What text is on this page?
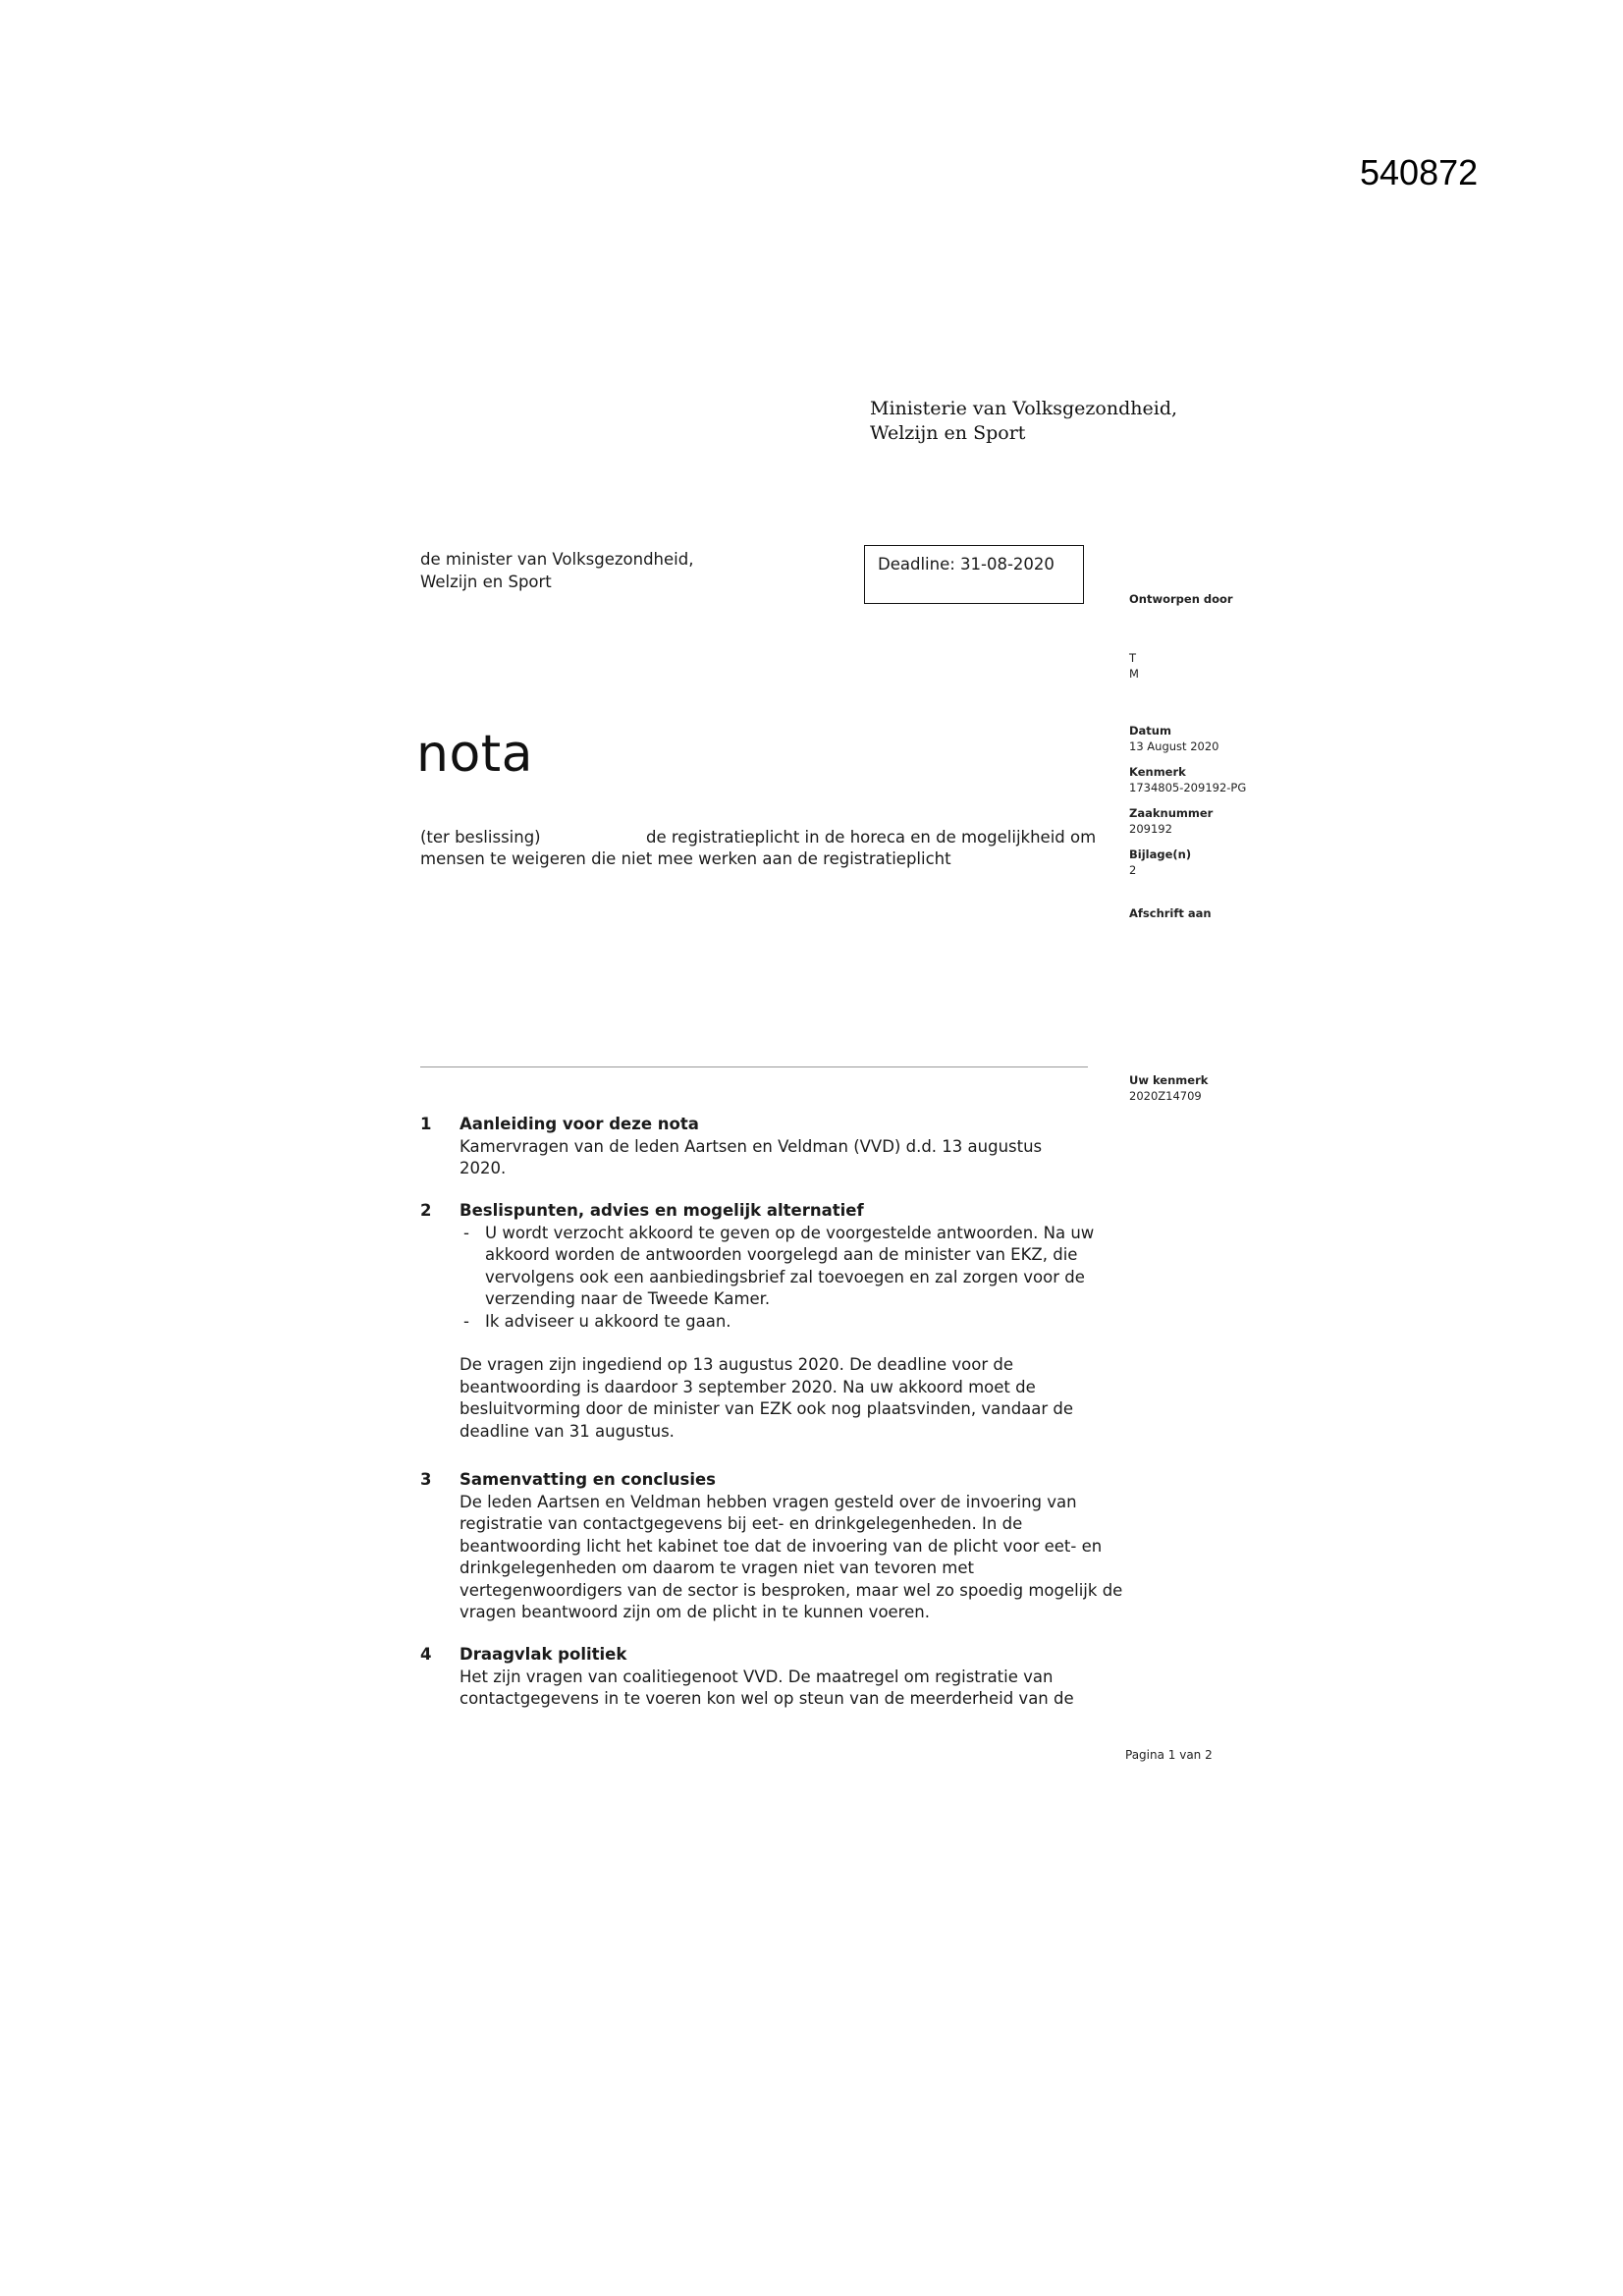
540872
Ministerie van Volksgezondheid,
Welzijn en Sport
de minister van Volksgezondheid,
Welzijn en Sport
Deadline: 31-08-2020
Ontworpen door
T
M
Datum
13 August 2020
Kenmerk
1734805-209192-PG
Zaaknummer
209192
Bijlage(n)
2
Afschrift aan
Uw kenmerk
2020Z14709
nota
(ter beslissing)	de registratieplicht in de horeca en de mogelijkheid om
mensen te weigeren die niet mee werken aan de registratieplicht
1 Aanleiding voor deze nota

Kamervragen van de leden Aartsen en Veldman (VVD) d.d. 13 augustus 2020.

2 Beslispunten, advies en mogelijk alternatief
- U wordt verzocht akkoord te geven op de voorgestelde antwoorden. Na uw akkoord worden de antwoorden voorgelegd aan de minister van EKZ, die vervolgens ook een aanbiedingsbrief zal toevoegen en zal zorgen voor de verzending naar de Tweede Kamer.
- Ik adviseer u akkoord te gaan.

De vragen zijn ingediend op 13 augustus 2020. De deadline voor de beantwoording is daardoor 3 september 2020. Na uw akkoord moet de besluitvorming door de minister van EZK ook nog plaatsvinden, vandaar de deadline van 31 augustus.

3 Samenvatting en conclusies

De leden Aartsen en Veldman hebben vragen gesteld over de invoering van registratie van contactgegevens bij eet- en drinkgelegenheden. In de beantwoording licht het kabinet toe dat de invoering van de plicht voor eet- en drinkgelegenheden om daarom te vragen niet van tevoren met vertegenwoordigers van de sector is besproken, maar wel zo spoedig mogelijk de vragen beantwoord zijn om de plicht in te kunnen voeren.

4 Draagvlak politiek

Het zijn vragen van coalitiegenoot VVD. De maatregel om registratie van contactgegevens in te voeren kon wel op steun van de meerderheid van de

Pagina 1 van 2
